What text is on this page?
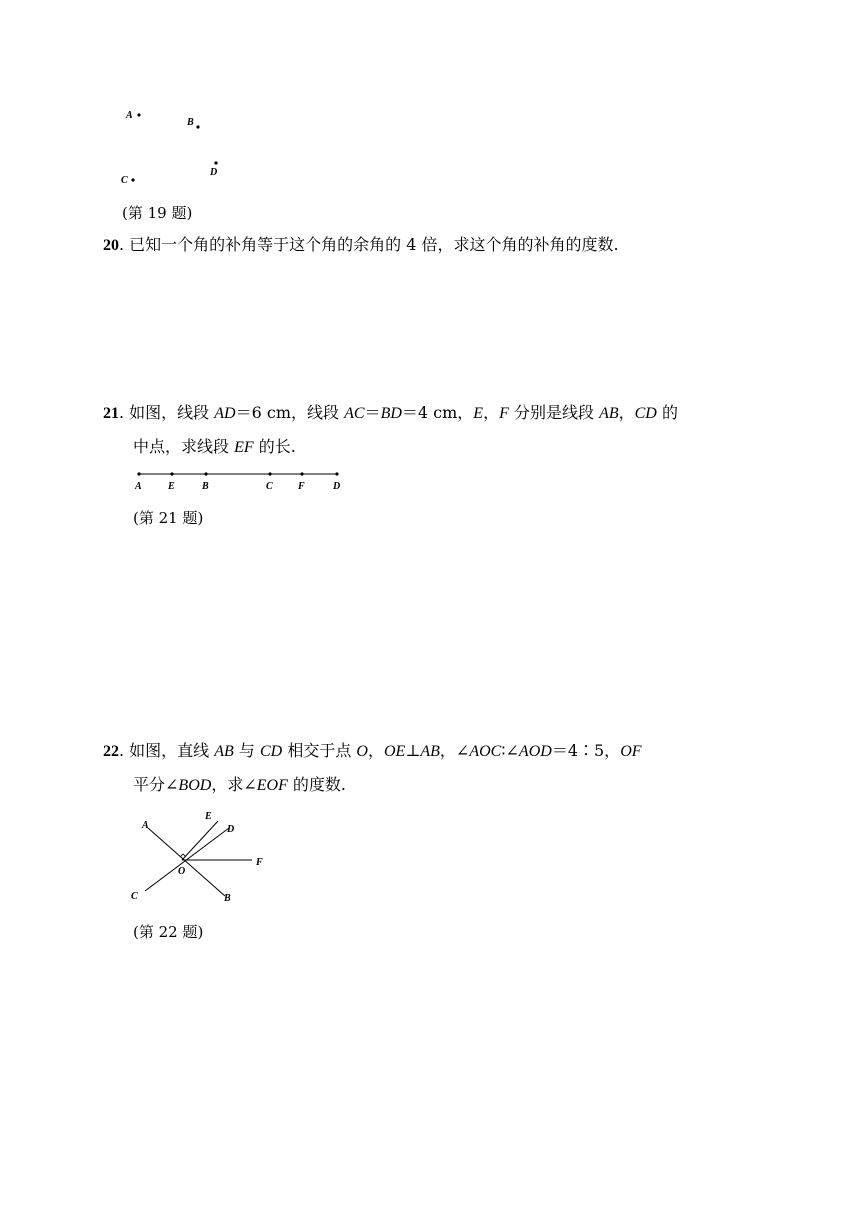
A
B
C
D
(第 19 题)
20. 已知一个角的补角等于这个角的余角的 4 倍，求这个角的补角的度数.
21. 如图，线段 AD＝6 cm，线段 AC＝BD＝4 cm，E，F 分别是线段 AB，CD 的
中点，求线段 EF 的长.
A	E	B	C	F	D
(第 21 题)
22. 如图，直线 AB 与 CD 相交于点 O，OE⊥AB，∠AOC∶∠AOD＝4∶5，OF
平分∠BOD，求∠EOF 的度数.
A
E
D
F
O
C	B
(第 22 题)
